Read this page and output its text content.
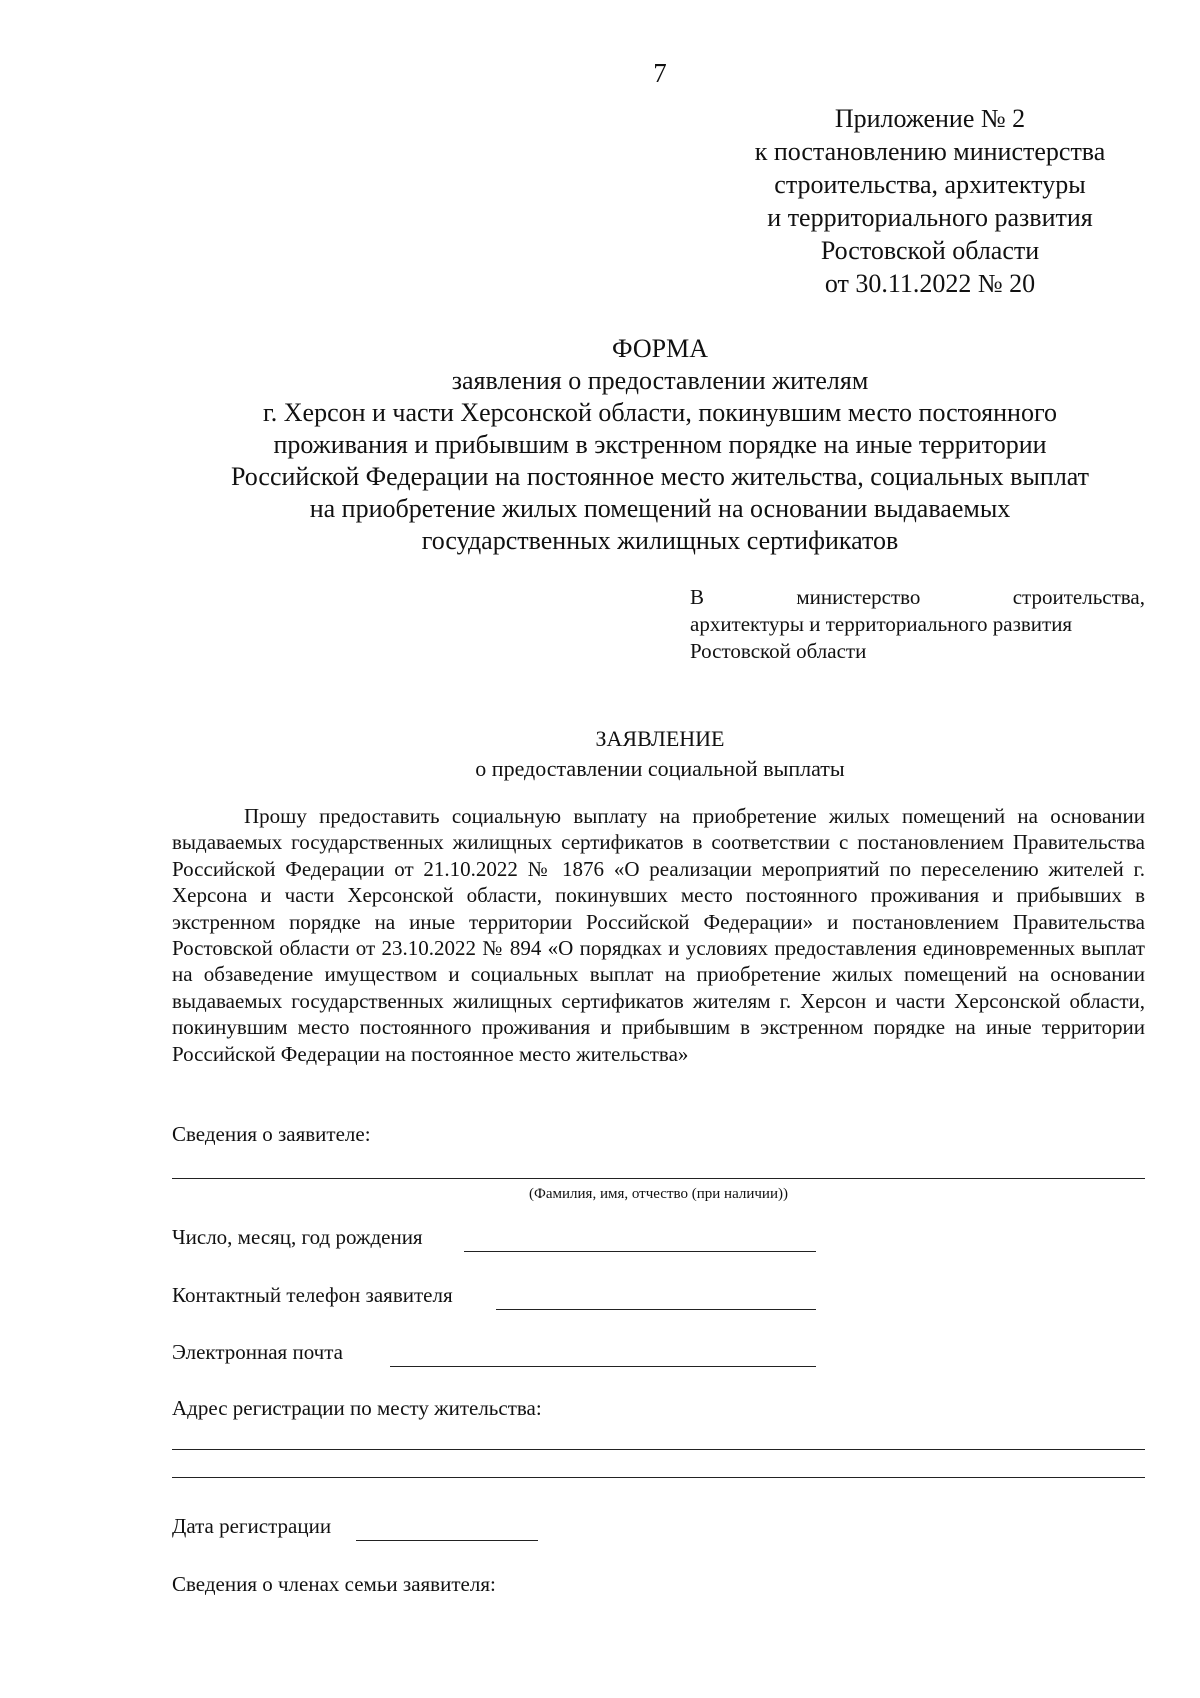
7
Приложение № 2
к постановлению министерства
строительства, архитектуры
и территориального развития
Ростовской области
от 30.11.2022 № 20
ФОРМА
заявления о предоставлении жителям
г. Херсон и части Херсонской области, покинувшим место постоянного
проживания и прибывшим в экстренном порядке на иные территории
Российской Федерации на постоянное место жительства, социальных выплат
на приобретение жилых помещений на основании выдаваемых
государственных жилищных сертификатов
В	министерство	строительства,
архитектуры и территориального развития
Ростовской области
ЗАЯВЛЕНИЕ
о предоставлении социальной выплаты

Прошу предоставить социальную выплату на приобретение жилых помещений на основании выдаваемых государственных жилищных сертификатов в соответствии с постановлением Правительства Российской Федерации от 21.10.2022 № 1876 «О реализации мероприятий по переселению жителей г. Херсона и части Херсонской области, покинувших место постоянного проживания и прибывших в экстренном порядке на иные территории Российской Федерации» и постановлением Правительства Ростовской области от 23.10.2022 № 894 «О порядках и условиях предоставления единовременных выплат на обзаведение имуществом и социальных выплат на приобретение жилых помещений на основании выдаваемых государственных жилищных сертификатов жителям г. Херсон и части Херсонской области, покинувшим место постоянного проживания и прибывшим в экстренном порядке на иные территории Российской Федерации на постоянное место жительства»

Сведения о заявителе:
(Фамилия, имя, отчество (при наличии))
Число, месяц, год рождения
Контактный телефон заявителя
Электронная почта
Адрес регистрации по месту жительства:
Дата регистрации
Сведения о членах семьи заявителя:
